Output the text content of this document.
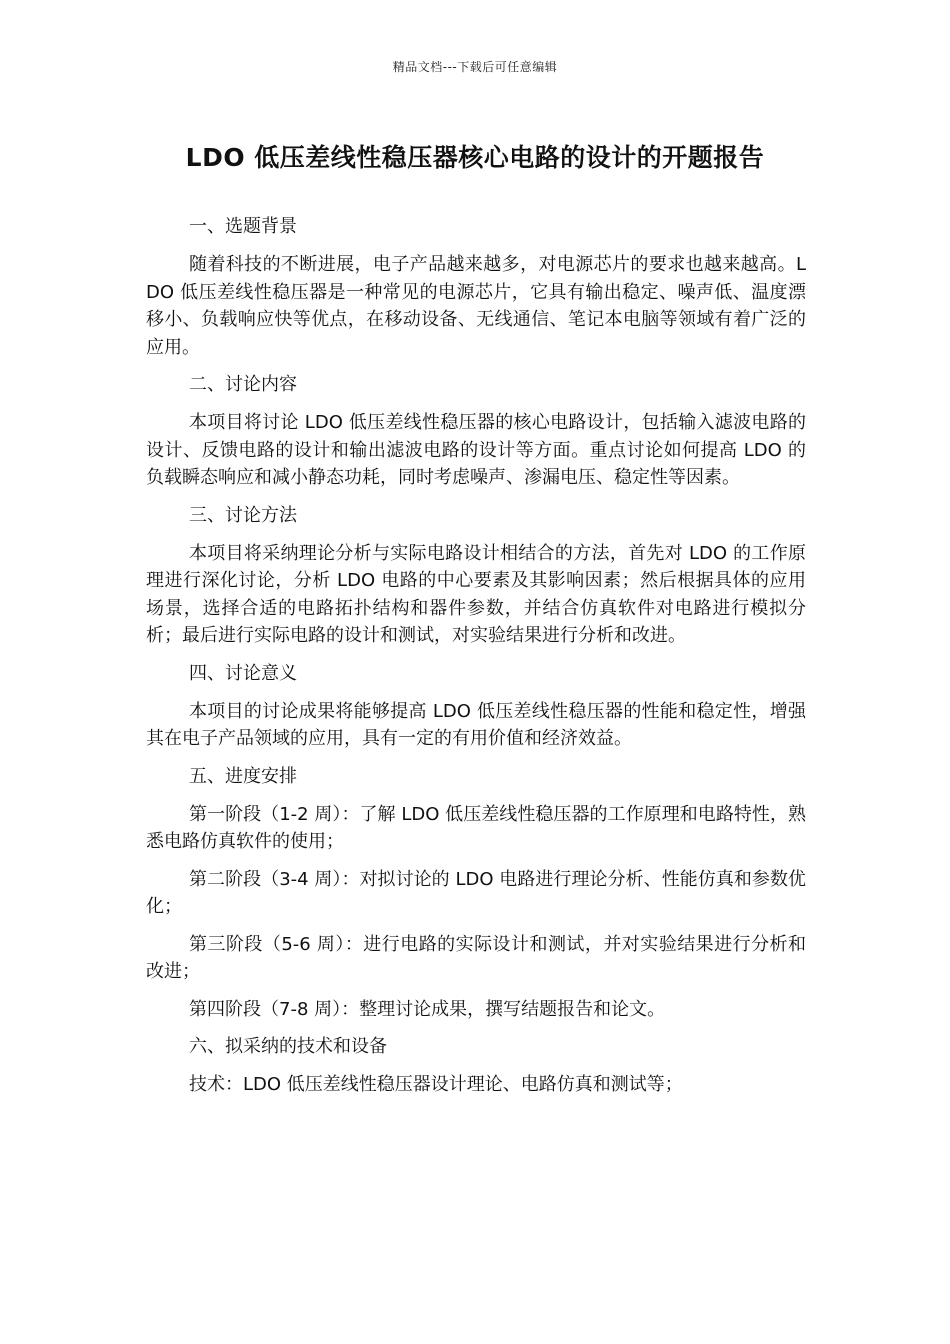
精品文档---下载后可任意编辑
LDO 低压差线性稳压器核心电路的设计的开题报告

一、选题背景

随着科技的不断进展，电子产品越来越多，对电源芯片的要求也越来越高。LDO 低压差线性稳压器是一种常见的电源芯片，它具有输出稳定、噪声低、温度漂移小、负载响应快等优点，在移动设备、无线通信、笔记本电脑等领域有着广泛的应用。

二、讨论内容

本项目将讨论 LDO 低压差线性稳压器的核心电路设计，包括输入滤波电路的设计、反馈电路的设计和输出滤波电路的设计等方面。重点讨论如何提高 LDO 的负载瞬态响应和减小静态功耗，同时考虑噪声、渗漏电压、稳定性等因素。

三、讨论方法

本项目将采纳理论分析与实际电路设计相结合的方法，首先对 LDO 的工作原理进行深化讨论，分析 LDO 电路的中心要素及其影响因素；然后根据具体的应用场景，选择合适的电路拓扑结构和器件参数，并结合仿真软件对电路进行模拟分析；最后进行实际电路的设计和测试，对实验结果进行分析和改进。

四、讨论意义

本项目的讨论成果将能够提高 LDO 低压差线性稳压器的性能和稳定性，增强其在电子产品领域的应用，具有一定的有用价值和经济效益。

五、进度安排

第一阶段（1-2 周）：了解 LDO 低压差线性稳压器的工作原理和电路特性，熟悉电路仿真软件的使用；

第二阶段（3-4 周）：对拟讨论的 LDO 电路进行理论分析、性能仿真和参数优化；

第三阶段（5-6 周）：进行电路的实际设计和测试，并对实验结果进行分析和改进；

第四阶段（7-8 周）：整理讨论成果，撰写结题报告和论文。

六、拟采纳的技术和设备

技术：LDO 低压差线性稳压器设计理论、电路仿真和测试等；
